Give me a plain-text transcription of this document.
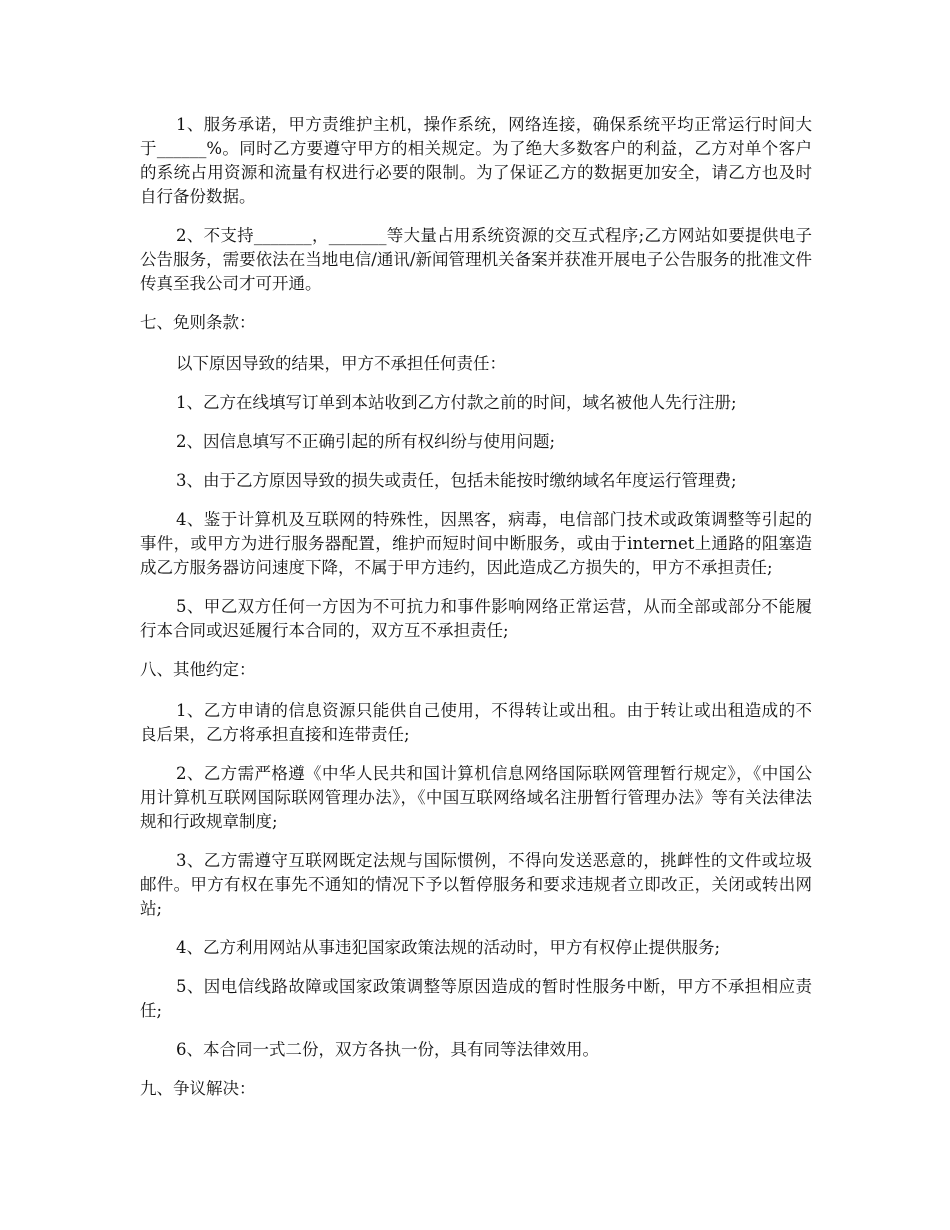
1、服务承诺，甲方责维护主机，操作系统，网络连接，确保系统平均正常运行时间大于______%。同时乙方要遵守甲方的相关规定。为了绝大多数客户的利益，乙方对单个客户的系统占用资源和流量有权进行必要的限制。为了保证乙方的数据更加安全，请乙方也及时自行备份数据。

2、不支持_______，_______等大量占用系统资源的交互式程序;乙方网站如要提供电子公告服务，需要依法在当地电信/通讯/新闻管理机关备案并获准开展电子公告服务的批准文件传真至我公司才可开通。

七、免则条款：

以下原因导致的结果，甲方不承担任何责任：

1、乙方在线填写订单到本站收到乙方付款之前的时间，域名被他人先行注册;

2、因信息填写不正确引起的所有权纠纷与使用问题;

3、由于乙方原因导致的损失或责任，包括未能按时缴纳域名年度运行管理费;

4、鉴于计算机及互联网的特殊性，因黑客，病毒，电信部门技术或政策调整等引起的事件，或甲方为进行服务器配置，维护而短时间中断服务，或由于internet上通路的阻塞造成乙方服务器访问速度下降，不属于甲方违约，因此造成乙方损失的，甲方不承担责任;

5、甲乙双方任何一方因为不可抗力和事件影响网络正常运营，从而全部或部分不能履行本合同或迟延履行本合同的，双方互不承担责任;

八、其他约定：

1、乙方申请的信息资源只能供自己使用，不得转让或出租。由于转让或出租造成的不良后果，乙方将承担直接和连带责任;

2、乙方需严格遵《中华人民共和国计算机信息网络国际联网管理暂行规定》，《中国公用计算机互联网国际联网管理办法》，《中国互联网络域名注册暂行管理办法》等有关法律法规和行政规章制度;

3、乙方需遵守互联网既定法规与国际惯例，不得向发送恶意的，挑衅性的文件或垃圾邮件。甲方有权在事先不通知的情况下予以暂停服务和要求违规者立即改正，关闭或转出网站;

4、乙方利用网站从事违犯国家政策法规的活动时，甲方有权停止提供服务;

5、因电信线路故障或国家政策调整等原因造成的暂时性服务中断，甲方不承担相应责任;

6、本合同一式二份，双方各执一份，具有同等法律效用。

九、争议解决：
